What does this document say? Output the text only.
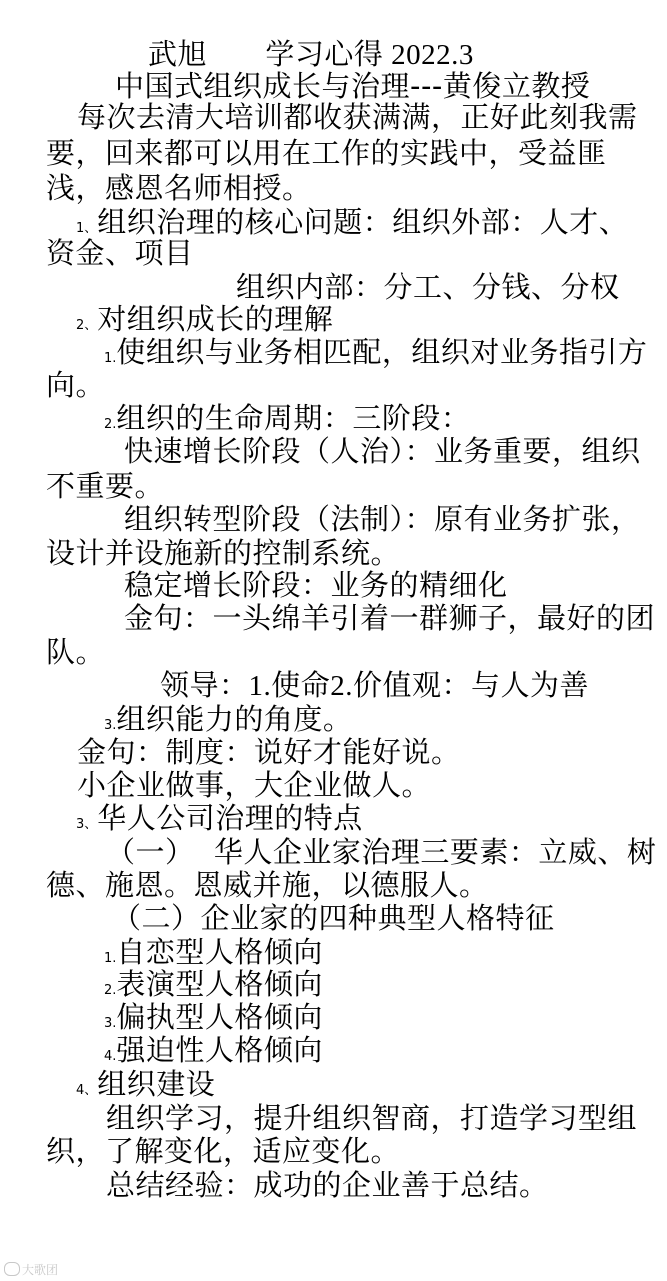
武旭 学习心得 2022.3
中国式组织成长与治理---黄俊立教授
每次去清大培训都收获满满，正好此刻我需
要，回来都可以用在工作的实践中，受益匪
浅，感恩名师相授。
1、组织治理的核心问题：组织外部：人才、
资金、项目
组织内部：分工、分钱、分权
2、对组织成长的理解
1.使组织与业务相匹配，组织对业务指引方
向。
2.组织的生命周期：三阶段：
快速增长阶段（人治）：业务重要，组织
不重要。
组织转型阶段（法制）：原有业务扩张，
设计并设施新的控制系统。
稳定增长阶段：业务的精细化
金句：一头绵羊引着一群狮子，最好的团
队。
领导：1.使命2.价值观：与人为善
3.组织能力的角度。
金句：制度：说好才能好说。
小企业做事，大企业做人。
3、华人公司治理的特点
（一）  华人企业家治理三要素：立威、树
德、施恩。恩威并施，以德服人。
（二）企业家的四种典型人格特征
1.自恋型人格倾向
2.表演型人格倾向
3.偏执型人格倾向
4.强迫性人格倾向
4、组织建设
组织学习，提升组织智商，打造学习型组
织，了解变化，适应变化。
总结经验：成功的企业善于总结。
大歌团
